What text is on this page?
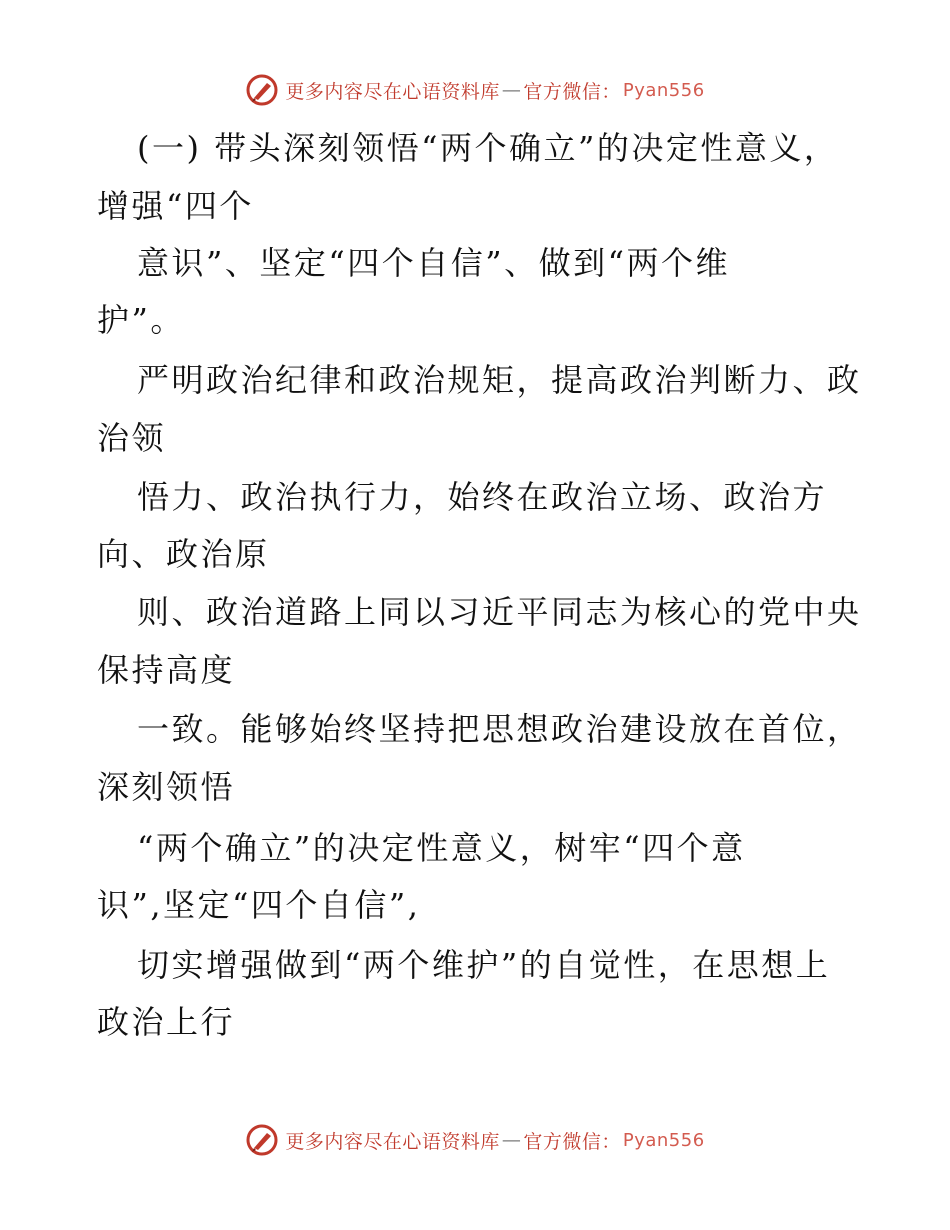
更多内容尽在心语资料库 — 官方微信： Pyan556
(一) 带头深刻领悟“两个确立”的决定性意义，
增强“四个
意识”、坚定“四个自信”、做到“两个维
护”。
严明政治纪律和政治规矩，提高政治判断力、政
治领
悟力、政治执行力，始终在政治立场、政治方
向、政治原
则、政治道路上同以习近平同志为核心的党中央
保持高度
一致。能够始终坚持把思想政治建设放在首位，
深刻领悟
“两个确立”的决定性意义，树牢“四个意
识”,坚定“四个自信”,
切实增强做到“两个维护”的自觉性，在思想上
政治上行
更多内容尽在心语资料库 — 官方微信： Pyan556
